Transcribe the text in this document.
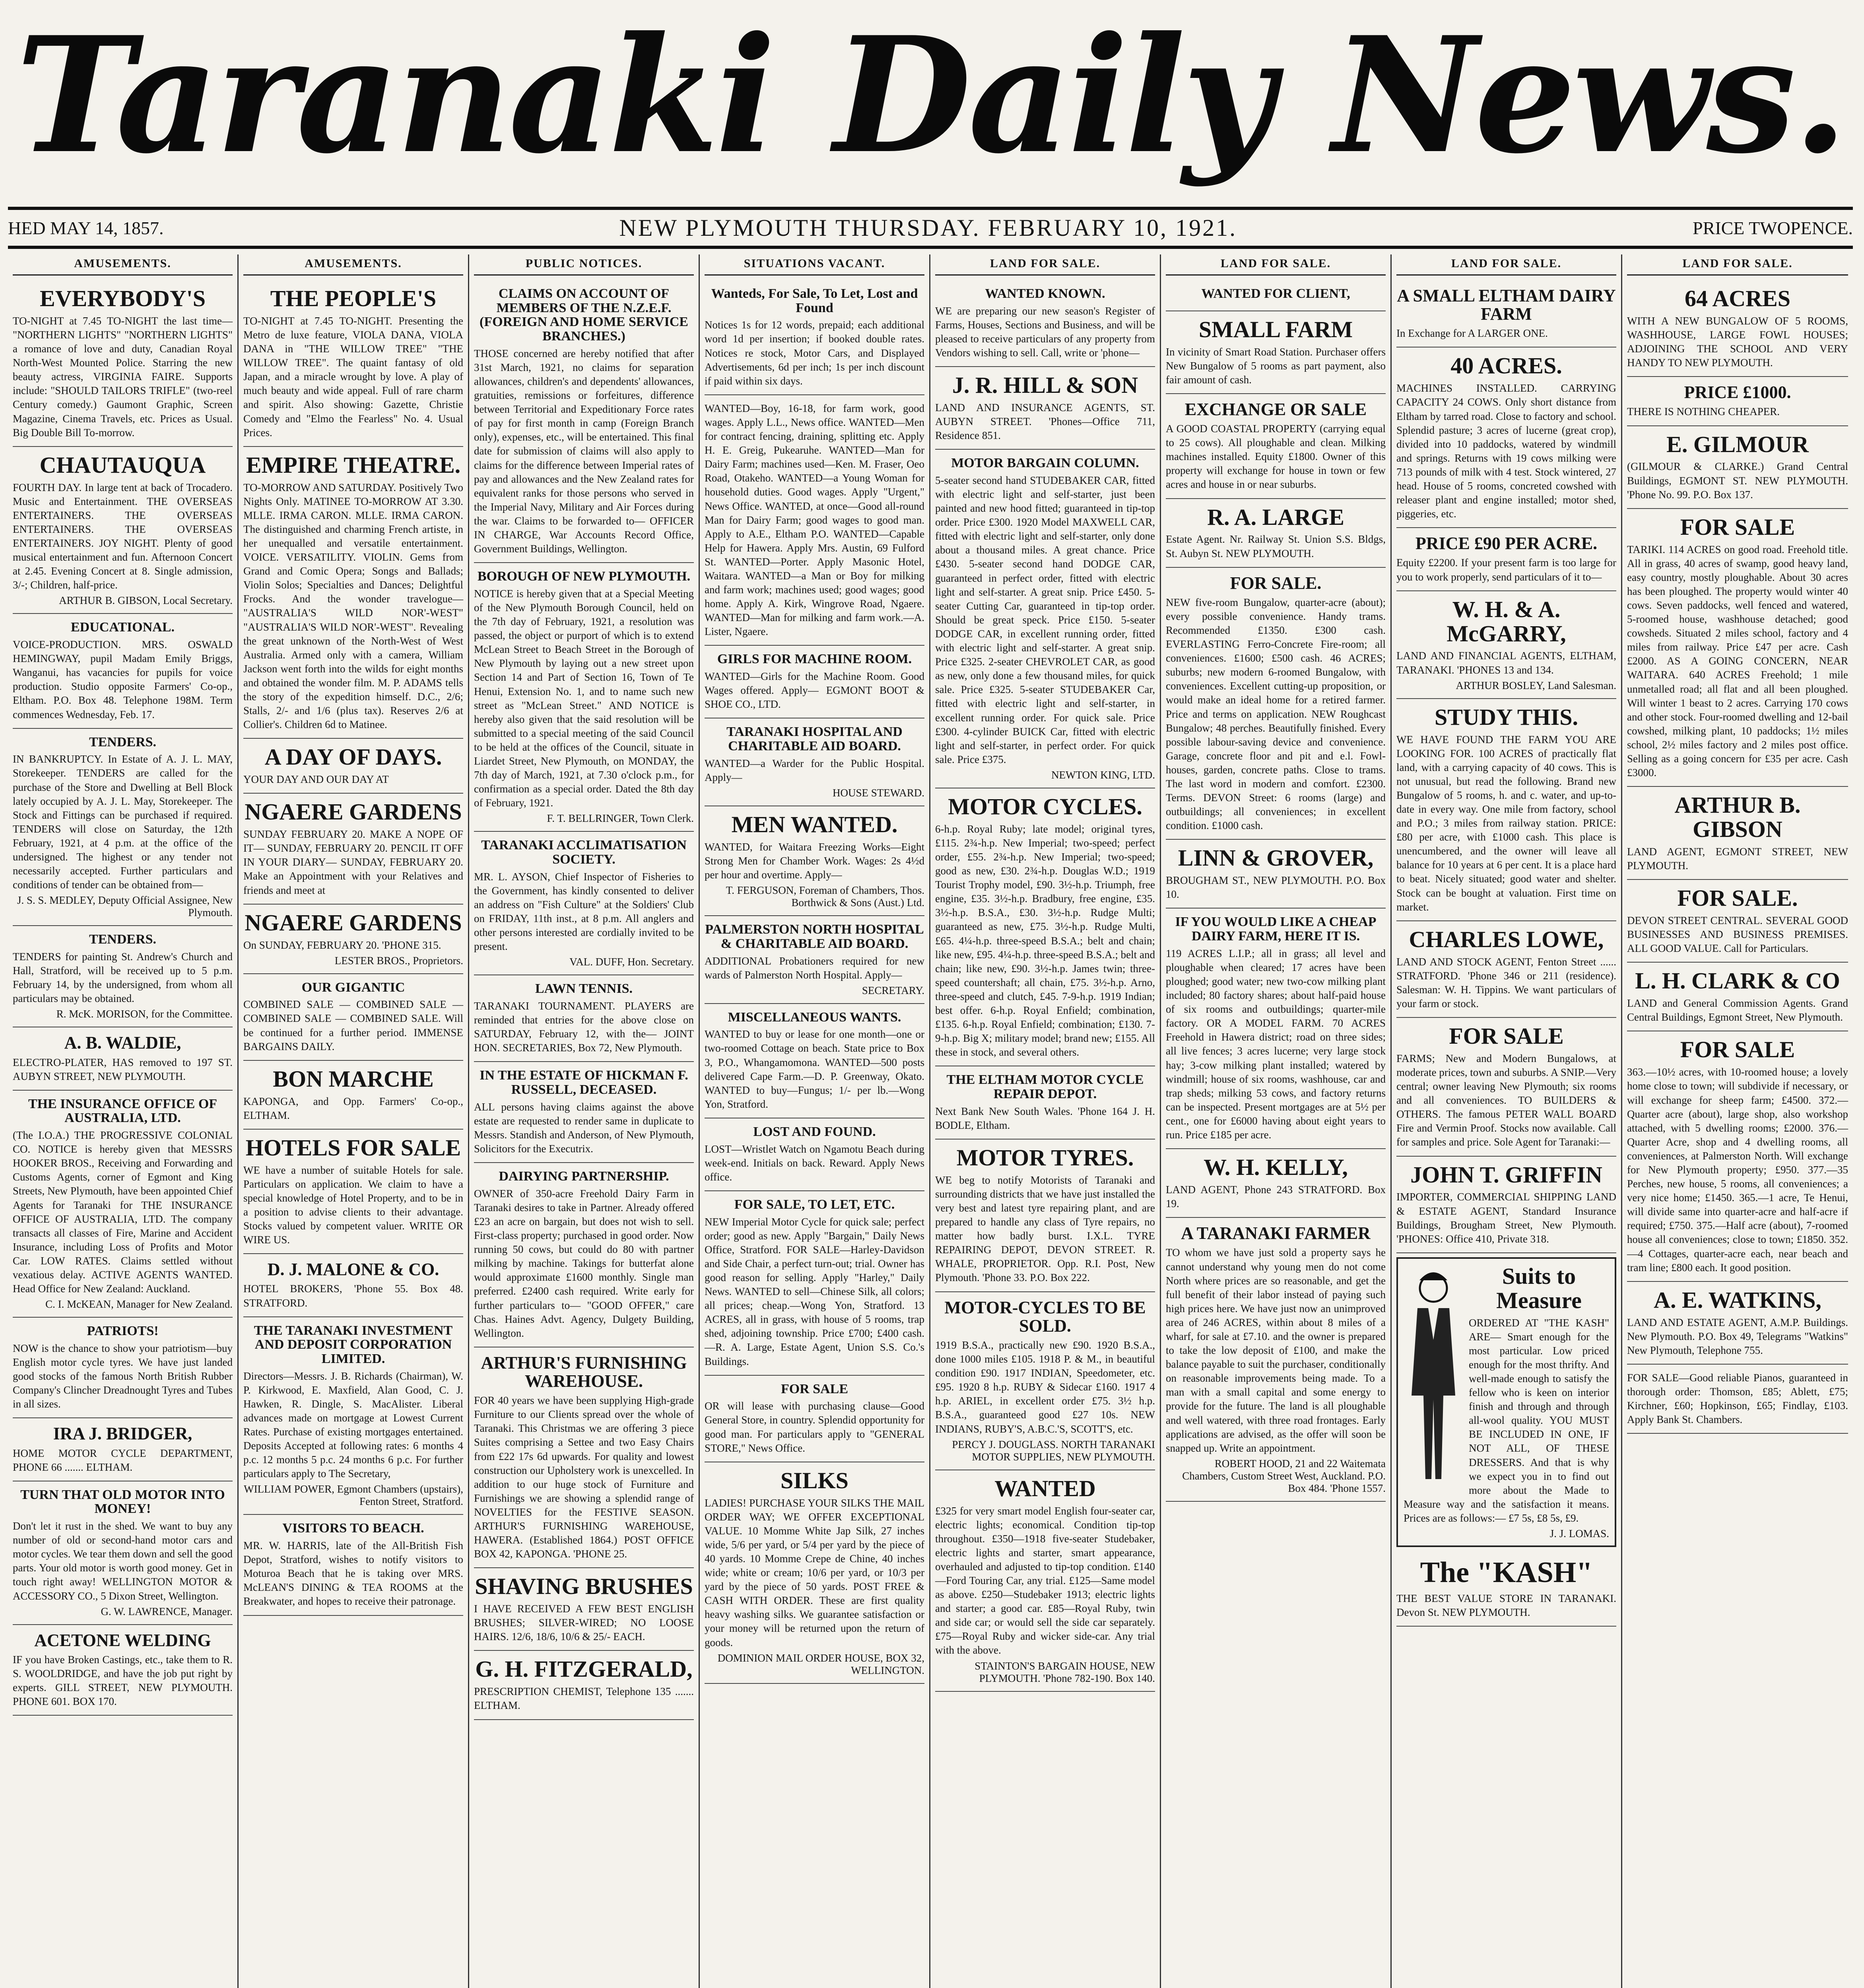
Taranaki Daily News.
HED MAY 14, 1857.	NEW PLYMOUTH THURSDAY. FEBRUARY 10, 1921.	PRICE TWOPENCE.
AMUSEMENTS.
EVERYBODY'S
TO-NIGHT at 7.45 TO-NIGHT the last time— "NORTHERN LIGHTS" "NORTHERN LIGHTS" a romance of love and duty, Canadian Royal North-West Mounted Police. Starring the new beauty actress, VIRGINIA FAIRE. Supports include: "SHOULD TAILORS TRIFLE" (two-reel Century comedy.) Gaumont Graphic, Screen Magazine, Cinema Travels, etc. Prices as Usual. Big Double Bill To-morrow.
CHAUTAUQUA
FOURTH DAY. In large tent at back of Trocadero. Music and Entertainment. THE OVERSEAS ENTERTAINERS. THE OVERSEAS ENTERTAINERS. THE OVERSEAS ENTERTAINERS. JOY NIGHT. Plenty of good musical entertainment and fun. Afternoon Concert at 2.45. Evening Concert at 8. Single admission, 3/-; Children, half-price.
ARTHUR B. GIBSON, Local Secretary.
EDUCATIONAL.
VOICE-PRODUCTION. MRS. OSWALD HEMINGWAY, pupil Madam Emily Briggs, Wanganui, has vacancies for pupils for voice production. Studio opposite Farmers' Co-op., Eltham. P.O. Box 48. Telephone 198M. Term commences Wednesday, Feb. 17.
TENDERS.
IN BANKRUPTCY. In Estate of A. J. L. MAY, Storekeeper. TENDERS are called for the purchase of the Store and Dwelling at Bell Block lately occupied by A. J. L. May, Storekeeper. The Stock and Fittings can be purchased if required. TENDERS will close on Saturday, the 12th February, 1921, at 4 p.m. at the office of the undersigned. The highest or any tender not necessarily accepted. Further particulars and conditions of tender can be obtained from—
J. S. S. MEDLEY, Deputy Official Assignee, New Plymouth.
TENDERS.
TENDERS for painting St. Andrew's Church and Hall, Stratford, will be received up to 5 p.m. February 14, by the undersigned, from whom all particulars may be obtained.
R. McK. MORISON, for the Committee.
A. B. WALDIE,
ELECTRO-PLATER, HAS removed to 197 ST. AUBYN STREET, NEW PLYMOUTH.
THE INSURANCE OFFICE OF AUSTRALIA, LTD.
(The I.O.A.) THE PROGRESSIVE COLONIAL CO. NOTICE is hereby given that MESSRS HOOKER BROS., Receiving and Forwarding and Customs Agents, corner of Egmont and King Streets, New Plymouth, have been appointed Chief Agents for Taranaki for THE INSURANCE OFFICE OF AUSTRALIA, LTD. The company transacts all classes of Fire, Marine and Accident Insurance, including Loss of Profits and Motor Car. LOW RATES. Claims settled without vexatious delay. ACTIVE AGENTS WANTED. Head Office for New Zealand: Auckland.
C. I. McKEAN, Manager for New Zealand.
PATRIOTS!
NOW is the chance to show your patriotism—buy English motor cycle tyres. We have just landed good stocks of the famous North British Rubber Company's Clincher Dreadnought Tyres and Tubes in all sizes.
IRA J. BRIDGER,
HOME MOTOR CYCLE DEPARTMENT, PHONE 66 ....... ELTHAM.
TURN THAT OLD MOTOR INTO MONEY!
Don't let it rust in the shed. We want to buy any number of old or second-hand motor cars and motor cycles. We tear them down and sell the good parts. Your old motor is worth good money. Get in touch right away! WELLINGTON MOTOR & ACCESSORY CO., 5 Dixon Street, Wellington.
G. W. LAWRENCE, Manager.
ACETONE WELDING
IF you have Broken Castings, etc., take them to R. S. WOOLDRIDGE, and have the job put right by experts. GILL STREET, NEW PLYMOUTH. PHONE 601. BOX 170.
AMUSEMENTS.
THE PEOPLE'S
TO-NIGHT at 7.45 TO-NIGHT. Presenting the Metro de luxe feature, VIOLA DANA, VIOLA DANA in "THE WILLOW TREE" "THE WILLOW TREE". The quaint fantasy of old Japan, and a miracle wrought by love. A play of much beauty and wide appeal. Full of rare charm and spirit. Also showing: Gazette, Christie Comedy and "Elmo the Fearless" No. 4. Usual Prices.
EMPIRE THEATRE.
TO-MORROW AND SATURDAY. Positively Two Nights Only. MATINEE TO-MORROW AT 3.30. MLLE. IRMA CARON. MLLE. IRMA CARON. The distinguished and charming French artiste, in her unequalled and versatile entertainment. VOICE. VERSATILITY. VIOLIN. Gems from Grand and Comic Opera; Songs and Ballads; Violin Solos; Specialties and Dances; Delightful Frocks. And the wonder travelogue— "AUSTRALIA'S WILD NOR'-WEST" "AUSTRALIA'S WILD NOR'-WEST". Revealing the great unknown of the North-West of West Australia. Armed only with a camera, William Jackson went forth into the wilds for eight months and obtained the wonder film. M. P. ADAMS tells the story of the expedition himself. D.C., 2/6; Stalls, 2/- and 1/6 (plus tax). Reserves 2/6 at Collier's. Children 6d to Matinee.
A DAY OF DAYS.
YOUR DAY AND OUR DAY AT
NGAERE GARDENS
SUNDAY FEBRUARY 20. MAKE A NOPE OF IT— SUNDAY, FEBRUARY 20. PENCIL IT OFF IN YOUR DIARY— SUNDAY, FEBRUARY 20. Make an Appointment with your Relatives and friends and meet at
NGAERE GARDENS
On SUNDAY, FEBRUARY 20. 'PHONE 315.
LESTER BROS., Proprietors.
OUR GIGANTIC
COMBINED SALE — COMBINED SALE — COMBINED SALE — COMBINED SALE. Will be continued for a further period. IMMENSE BARGAINS DAILY.
BON MARCHE
KAPONGA, and Opp. Farmers' Co-op., ELTHAM.
HOTELS FOR SALE
WE have a number of suitable Hotels for sale. Particulars on application. We claim to have a special knowledge of Hotel Property, and to be in a position to advise clients to their advantage. Stocks valued by competent valuer. WRITE OR WIRE US.
D. J. MALONE & CO.
HOTEL BROKERS, 'Phone 55. Box 48. STRATFORD.
THE TARANAKI INVESTMENT AND DEPOSIT CORPORATION LIMITED.
Directors—Messrs. J. B. Richards (Chairman), W. P. Kirkwood, E. Maxfield, Alan Good, C. J. Hawken, R. Dingle, S. MacAlister. Liberal advances made on mortgage at Lowest Current Rates. Purchase of existing mortgages entertained. Deposits Accepted at following rates: 6 months 4 p.c. 12 months 5 p.c. 24 months 6 p.c. For further particulars apply to The Secretary,
WILLIAM POWER, Egmont Chambers (upstairs), Fenton Street, Stratford.
VISITORS TO BEACH.
MR. W. HARRIS, late of the All-British Fish Depot, Stratford, wishes to notify visitors to Moturoa Beach that he is taking over MRS. McLEAN'S DINING & TEA ROOMS at the Breakwater, and hopes to receive their patronage.
PUBLIC NOTICES.
CLAIMS ON ACCOUNT OF MEMBERS OF THE N.Z.E.F. (FOREIGN AND HOME SERVICE BRANCHES.)
THOSE concerned are hereby notified that after 31st March, 1921, no claims for separation allowances, children's and dependents' allowances, gratuities, remissions or forfeitures, difference between Territorial and Expeditionary Force rates of pay for first month in camp (Foreign Branch only), expenses, etc., will be entertained. This final date for submission of claims will also apply to claims for the difference between Imperial rates of pay and allowances and the New Zealand rates for equivalent ranks for those persons who served in the Imperial Navy, Military and Air Forces during the war. Claims to be forwarded to— OFFICER IN CHARGE, War Accounts Record Office, Government Buildings, Wellington.
BOROUGH OF NEW PLYMOUTH.
NOTICE is hereby given that at a Special Meeting of the New Plymouth Borough Council, held on the 7th day of February, 1921, a resolution was passed, the object or purport of which is to extend McLean Street to Beach Street in the Borough of New Plymouth by laying out a new street upon Section 14 and Part of Section 16, Town of Te Henui, Extension No. 1, and to name such new street as "McLean Street." AND NOTICE is hereby also given that the said resolution will be submitted to a special meeting of the said Council to be held at the offices of the Council, situate in Liardet Street, New Plymouth, on MONDAY, the 7th day of March, 1921, at 7.30 o'clock p.m., for confirmation as a special order. Dated the 8th day of February, 1921.
F. T. BELLRINGER, Town Clerk.
TARANAKI ACCLIMATISATION SOCIETY.
MR. L. AYSON, Chief Inspector of Fisheries to the Government, has kindly consented to deliver an address on "Fish Culture" at the Soldiers' Club on FRIDAY, 11th inst., at 8 p.m. All anglers and other persons interested are cordially invited to be present.
VAL. DUFF, Hon. Secretary.
LAWN TENNIS.
TARANAKI TOURNAMENT. PLAYERS are reminded that entries for the above close on SATURDAY, February 12, with the— JOINT HON. SECRETARIES, Box 72, New Plymouth.
IN THE ESTATE OF HICKMAN F. RUSSELL, DECEASED.
ALL persons having claims against the above estate are requested to render same in duplicate to Messrs. Standish and Anderson, of New Plymouth, Solicitors for the Executrix.
DAIRYING PARTNERSHIP.
OWNER of 350-acre Freehold Dairy Farm in Taranaki desires to take in Partner. Already offered £23 an acre on bargain, but does not wish to sell. First-class property; purchased in good order. Now running 50 cows, but could do 80 with partner milking by machine. Takings for butterfat alone would approximate £1600 monthly. Single man preferred. £2400 cash required. Write early for further particulars to— "GOOD OFFER," care Chas. Haines Advt. Agency, Dulgety Building, Wellington.
ARTHUR'S FURNISHING WAREHOUSE.
FOR 40 years we have been supplying High-grade Furniture to our Clients spread over the whole of Taranaki. This Christmas we are offering 3 piece Suites comprising a Settee and two Easy Chairs from £22 17s 6d upwards. For quality and lowest construction our Upholstery work is unexcelled. In addition to our huge stock of Furniture and Furnishings we are showing a splendid range of NOVELTIES for the FESTIVE SEASON. ARTHUR'S FURNISHING WAREHOUSE, HAWERA. (Established 1864.) POST OFFICE BOX 42, KAPONGA. 'PHONE 25.
SHAVING BRUSHES
I HAVE RECEIVED A FEW BEST ENGLISH BRUSHES; SILVER-WIRED; NO LOOSE HAIRS. 12/6, 18/6, 10/6 & 25/- EACH.
G. H. FITZGERALD,
PRESCRIPTION CHEMIST, Telephone 135 ....... ELTHAM.
SITUATIONS VACANT.
Wanteds, For Sale, To Let, Lost and Found
Notices 1s for 12 words, prepaid; each additional word 1d per insertion; if booked double rates. Notices re stock, Motor Cars, and Displayed Advertisements, 6d per inch; 1s per inch discount if paid within six days.
WANTED—Boy, 16-18, for farm work, good wages. Apply L.L., News office. WANTED—Men for contract fencing, draining, splitting etc. Apply H. E. Greig, Pukearuhe. WANTED—Man for Dairy Farm; machines used—Ken. M. Fraser, Oeo Road, Otakeho. WANTED—a Young Woman for household duties. Good wages. Apply "Urgent," News Office. WANTED, at once—Good all-round Man for Dairy Farm; good wages to good man. Apply to A.E., Eltham P.O. WANTED—Capable Help for Hawera. Apply Mrs. Austin, 69 Fulford St. WANTED—Porter. Apply Masonic Hotel, Waitara. WANTED—a Man or Boy for milking and farm work; machines used; good wages; good home. Apply A. Kirk, Wingrove Road, Ngaere. WANTED—Man for milking and farm work.—A. Lister, Ngaere.
GIRLS FOR MACHINE ROOM.
WANTED—Girls for the Machine Room. Good Wages offered. Apply— EGMONT BOOT & SHOE CO., LTD.
TARANAKI HOSPITAL AND CHARITABLE AID BOARD.
WANTED—a Warder for the Public Hospital. Apply—
HOUSE STEWARD.
MEN WANTED.
WANTED, for Waitara Freezing Works—Eight Strong Men for Chamber Work. Wages: 2s 4½d per hour and overtime. Apply—
T. FERGUSON, Foreman of Chambers, Thos. Borthwick & Sons (Aust.) Ltd.
PALMERSTON NORTH HOSPITAL & CHARITABLE AID BOARD.
ADDITIONAL Probationers required for new wards of Palmerston North Hospital. Apply—
SECRETARY.
MISCELLANEOUS WANTS.
WANTED to buy or lease for one month—one or two-roomed Cottage on beach. State price to Box 3, P.O., Whangamomona. WANTED—500 posts delivered Cape Farm.—D. P. Greenway, Okato. WANTED to buy—Fungus; 1/- per lb.—Wong Yon, Stratford.
LOST AND FOUND.
LOST—Wristlet Watch on Ngamotu Beach during week-end. Initials on back. Reward. Apply News office.
FOR SALE, TO LET, ETC.
NEW Imperial Motor Cycle for quick sale; perfect order; good as new. Apply "Bargain," Daily News Office, Stratford. FOR SALE—Harley-Davidson and Side Chair, a perfect turn-out; trial. Owner has good reason for selling. Apply "Harley," Daily News. WANTED to sell—Chinese Silk, all colors; all prices; cheap.—Wong Yon, Stratford. 13 ACRES, all in grass, with house of 5 rooms, trap shed, adjoining township. Price £700; £400 cash.—R. A. Large, Estate Agent, Union S.S. Co.'s Buildings.
FOR SALE
OR will lease with purchasing clause—Good General Store, in country. Splendid opportunity for good man. For particulars apply to "GENERAL STORE," News Office.
SILKS
LADIES! PURCHASE YOUR SILKS THE MAIL ORDER WAY; WE OFFER EXCEPTIONAL VALUE. 10 Momme White Jap Silk, 27 inches wide, 5/6 per yard, or 5/4 per yard by the piece of 40 yards. 10 Momme Crepe de Chine, 40 inches wide; white or cream; 10/6 per yard, or 10/3 per yard by the piece of 50 yards. POST FREE & CASH WITH ORDER. These are first quality heavy washing silks. We guarantee satisfaction or your money will be returned upon the return of goods.
DOMINION MAIL ORDER HOUSE, BOX 32, WELLINGTON.
LAND FOR SALE.
WANTED KNOWN.
WE are preparing our new season's Register of Farms, Houses, Sections and Business, and will be pleased to receive particulars of any property from Vendors wishing to sell. Call, write or 'phone—
J. R. HILL & SON
LAND AND INSURANCE AGENTS, ST. AUBYN STREET. 'Phones—Office 711, Residence 851.
MOTOR BARGAIN COLUMN.
5-seater second hand STUDEBAKER CAR, fitted with electric light and self-starter, just been painted and new hood fitted; guaranteed in tip-top order. Price £300. 1920 Model MAXWELL CAR, fitted with electric light and self-starter, only done about a thousand miles. A great chance. Price £430. 5-seater second hand DODGE CAR, guaranteed in perfect order, fitted with electric light and self-starter. A great snip. Price £450. 5-seater Cutting Car, guaranteed in tip-top order. Should be great speck. Price £150. 5-seater DODGE CAR, in excellent running order, fitted with electric light and self-starter. A great snip. Price £325. 2-seater CHEVROLET CAR, as good as new, only done a few thousand miles, for quick sale. Price £325. 5-seater STUDEBAKER Car, fitted with electric light and self-starter, in excellent running order. For quick sale. Price £300. 4-cylinder BUICK Car, fitted with electric light and self-starter, in perfect order. For quick sale. Price £375.
NEWTON KING, LTD.
MOTOR CYCLES.
6-h.p. Royal Ruby; late model; original tyres, £115. 2¾-h.p. New Imperial; two-speed; perfect order, £55. 2¾-h.p. New Imperial; two-speed; good as new, £30. 2¾-h.p. Douglas W.D.; 1919 Tourist Trophy model, £90. 3½-h.p. Triumph, free engine, £35. 3½-h.p. Bradbury, free engine, £35. 3½-h.p. B.S.A., £30. 3½-h.p. Rudge Multi; guaranteed as new, £75. 3½-h.p. Rudge Multi, £65. 4¼-h.p. three-speed B.S.A.; belt and chain; like new, £95. 4¼-h.p. three-speed B.S.A.; belt and chain; like new, £90. 3½-h.p. James twin; three-speed countershaft; all chain, £75. 3½-h.p. Arno, three-speed and clutch, £45. 7-9-h.p. 1919 Indian; best offer. 6-h.p. Royal Enfield; combination, £135. 6-h.p. Royal Enfield; combination; £130. 7-9-h.p. Big X; military model; brand new; £155. All these in stock, and several others.
THE ELTHAM MOTOR CYCLE REPAIR DEPOT.
Next Bank New South Wales. 'Phone 164 J. H. BODLE, Eltham.
MOTOR TYRES.
WE beg to notify Motorists of Taranaki and surrounding districts that we have just installed the very best and latest tyre repairing plant, and are prepared to handle any class of Tyre repairs, no matter how badly burst. I.X.L. TYRE REPAIRING DEPOT, DEVON STREET. R. WHALE, PROPRIETOR. Opp. R.I. Post, New Plymouth. 'Phone 33. P.O. Box 222.
MOTOR-CYCLES TO BE SOLD.
1919 B.S.A., practically new £90. 1920 B.S.A., done 1000 miles £105. 1918 P. & M., in beautiful condition £90. 1917 INDIAN, Speedometer, etc. £95. 1920 8 h.p. RUBY & Sidecar £160. 1917 4 h.p. ARIEL, in excellent order £75. 3½ h.p. B.S.A., guaranteed good £27 10s. NEW INDIANS, RUBY'S, A.B.C.'S, SCOTT'S, etc.
PERCY J. DOUGLASS. NORTH TARANAKI MOTOR SUPPLIES, NEW PLYMOUTH.
WANTED
£325 for very smart model English four-seater car, electric lights; economical. Condition tip-top throughout. £350—1918 five-seater Studebaker, electric lights and starter, smart appearance, overhauled and adjusted to tip-top condition. £140—Ford Touring Car, any trial. £125—Same model as above. £250—Studebaker 1913; electric lights and starter; a good car. £85—Royal Ruby, twin and side car; or would sell the side car separately. £75—Royal Ruby and wicker side-car. Any trial with the above.
STAINTON'S BARGAIN HOUSE, NEW PLYMOUTH. 'Phone 782-190. Box 140.
LAND FOR SALE.
WANTED FOR CLIENT,
SMALL FARM
In vicinity of Smart Road Station. Purchaser offers New Bungalow of 5 rooms as part payment, also fair amount of cash.
EXCHANGE OR SALE
A GOOD COASTAL PROPERTY (carrying equal to 25 cows). All ploughable and clean. Milking machines installed. Equity £1800. Owner of this property will exchange for house in town or few acres and house in or near suburbs.
R. A. LARGE
Estate Agent. Nr. Railway St. Union S.S. Bldgs, St. Aubyn St. NEW PLYMOUTH.
FOR SALE.
NEW five-room Bungalow, quarter-acre (about); every possible convenience. Handy trams. Recommended £1350. £300 cash. EVERLASTING Ferro-Concrete Fire-room; all conveniences. £1600; £500 cash. 46 ACRES; suburbs; new modern 6-roomed Bungalow, with conveniences. Excellent cutting-up proposition, or would make an ideal home for a retired farmer. Price and terms on application. NEW Roughcast Bungalow; 48 perches. Beautifully finished. Every possible labour-saving device and convenience. Garage, concrete floor and pit and e.l. Fowl-houses, garden, concrete paths. Close to trams. The last word in modern and comfort. £2300. Terms. DEVON Street: 6 rooms (large) and outbuildings; all conveniences; in excellent condition. £1000 cash.
LINN & GROVER,
BROUGHAM ST., NEW PLYMOUTH. P.O. Box 10.
IF YOU WOULD LIKE A CHEAP DAIRY FARM, HERE IT IS.
119 ACRES L.I.P.; all in grass; all level and ploughable when cleared; 17 acres have been ploughed; good water; new two-cow milking plant included; 80 factory shares; about half-paid house of six rooms and outbuildings; quarter-mile factory. OR A MODEL FARM. 70 ACRES Freehold in Hawera district; road on three sides; all live fences; 3 acres lucerne; very large stock hay; 3-cow milking plant installed; watered by windmill; house of six rooms, washhouse, car and trap sheds; milking 53 cows, and factory returns can be inspected. Present mortgages are at 5½ per cent., one for £6000 having about eight years to run. Price £185 per acre.
W. H. KELLY,
LAND AGENT, Phone 243 STRATFORD. Box 19.
A TARANAKI FARMER
TO whom we have just sold a property says he cannot understand why young men do not come North where prices are so reasonable, and get the full benefit of their labor instead of paying such high prices here. We have just now an unimproved area of 246 ACRES, within about 8 miles of a wharf, for sale at £7.10. and the owner is prepared to take the low deposit of £100, and make the balance payable to suit the purchaser, conditionally on reasonable improvements being made. To a man with a small capital and some energy to provide for the future. The land is all ploughable and well watered, with three road frontages. Early applications are advised, as the offer will soon be snapped up. Write an appointment.
ROBERT HOOD, 21 and 22 Waitemata Chambers, Custom Street West, Auckland. P.O. Box 484. 'Phone 1557.
LAND FOR SALE.
A SMALL ELTHAM DAIRY FARM
In Exchange for A LARGER ONE.
40 ACRES.
MACHINES INSTALLED. CARRYING CAPACITY 24 COWS. Only short distance from Eltham by tarred road. Close to factory and school. Splendid pasture; 3 acres of lucerne (great crop), divided into 10 paddocks, watered by windmill and springs. Returns with 19 cows milking were 713 pounds of milk with 4 test. Stock wintered, 27 head. House of 5 rooms, concreted cowshed with releaser plant and engine installed; motor shed, piggeries, etc.
PRICE £90 PER ACRE.
Equity £2200. If your present farm is too large for you to work properly, send particulars of it to—
W. H. & A. McGARRY,
LAND AND FINANCIAL AGENTS, ELTHAM, TARANAKI. 'PHONES 13 and 134.
ARTHUR BOSLEY, Land Salesman.
STUDY THIS.
WE HAVE FOUND THE FARM YOU ARE LOOKING FOR. 100 ACRES of practically flat land, with a carrying capacity of 40 cows. This is not unusual, but read the following. Brand new Bungalow of 5 rooms, h. and c. water, and up-to-date in every way. One mile from factory, school and P.O.; 3 miles from railway station. PRICE: £80 per acre, with £1000 cash. This place is unencumbered, and the owner will leave all balance for 10 years at 6 per cent. It is a place hard to beat. Nicely situated; good water and shelter. Stock can be bought at valuation. First time on market.
CHARLES LOWE,
LAND AND STOCK AGENT, Fenton Street ...... STRATFORD. 'Phone 346 or 211 (residence). Salesman: W. H. Tippins. We want particulars of your farm or stock.
FOR SALE
FARMS; New and Modern Bungalows, at moderate prices, town and suburbs. A SNIP.—Very central; owner leaving New Plymouth; six rooms and all conveniences. TO BUILDERS & OTHERS. The famous PETER WALL BOARD Fire and Vermin Proof. Stocks now available. Call for samples and price. Sole Agent for Taranaki:—
JOHN T. GRIFFIN
IMPORTER, COMMERCIAL SHIPPING LAND & ESTATE AGENT, Standard Insurance Buildings, Brougham Street, New Plymouth. 'PHONES: Office 410, Private 318.
Suits to Measure
ORDERED AT "THE KASH" ARE— Smart enough for the most particular. Low priced enough for the most thrifty. And well-made enough to satisfy the fellow who is keen on interior finish and through and through all-wool quality. YOU MUST BE INCLUDED IN ONE, IF NOT ALL, OF THESE DRESSERS. And that is why we expect you in to find out more about the Made to Measure way and the satisfaction it means. Prices are as follows:— £7 5s, £8 5s, £9.
J. J. LOMAS.
The "KASH"
THE BEST VALUE STORE IN TARANAKI. Devon St. NEW PLYMOUTH.
LAND FOR SALE.
64 ACRES
WITH A NEW BUNGALOW OF 5 ROOMS, WASHHOUSE, LARGE FOWL HOUSES; ADJOINING THE SCHOOL AND VERY HANDY TO NEW PLYMOUTH.
PRICE £1000.
THERE IS NOTHING CHEAPER.
E. GILMOUR
(GILMOUR & CLARKE.) Grand Central Buildings, EGMONT ST. NEW PLYMOUTH. 'Phone No. 99. P.O. Box 137.
FOR SALE
TARIKI. 114 ACRES on good road. Freehold title. All in grass, 40 acres of swamp, good heavy land, easy country, mostly ploughable. About 30 acres has been ploughed. The property would winter 40 cows. Seven paddocks, well fenced and watered, 5-roomed house, washhouse detached; good cowsheds. Situated 2 miles school, factory and 4 miles from railway. Price £47 per acre. Cash £2000. AS A GOING CONCERN, NEAR WAITARA. 640 ACRES Freehold; 1 mile unmetalled road; all flat and all been ploughed. Will winter 1 beast to 2 acres. Carrying 170 cows and other stock. Four-roomed dwelling and 12-bail cowshed, milking plant, 10 paddocks; 1½ miles school, 2½ miles factory and 2 miles post office. Selling as a going concern for £35 per acre. Cash £3000.
ARTHUR B. GIBSON
LAND AGENT, EGMONT STREET, NEW PLYMOUTH.
FOR SALE.
DEVON STREET CENTRAL. SEVERAL GOOD BUSINESSES AND BUSINESS PREMISES. ALL GOOD VALUE. Call for Particulars.
L. H. CLARK & CO
LAND and General Commission Agents. Grand Central Buildings, Egmont Street, New Plymouth.
FOR SALE
363.—10½ acres, with 10-roomed house; a lovely home close to town; will subdivide if necessary, or will exchange for sheep farm; £4500. 372.—Quarter acre (about), large shop, also workshop attached, with 5 dwelling rooms; £2000. 376.—Quarter Acre, shop and 4 dwelling rooms, all conveniences, at Palmerston North. Will exchange for New Plymouth property; £950. 377.—35 Perches, new house, 5 rooms, all conveniences; a very nice home; £1450. 365.—1 acre, Te Henui, will divide same into quarter-acre and half-acre if required; £750. 375.—Half acre (about), 7-roomed house all conveniences; close to town; £1850. 352.—4 Cottages, quarter-acre each, near beach and tram line; £800 each. It good position.
A. E. WATKINS,
LAND AND ESTATE AGENT, A.M.P. Buildings. New Plymouth. P.O. Box 49, Telegrams "Watkins" New Plymouth, Telephone 755.
FOR SALE—Good reliable Pianos, guaranteed in thorough order: Thomson, £85; Ablett, £75; Kirchner, £60; Hopkinson, £65; Findlay, £103. Apply Bank St. Chambers.
